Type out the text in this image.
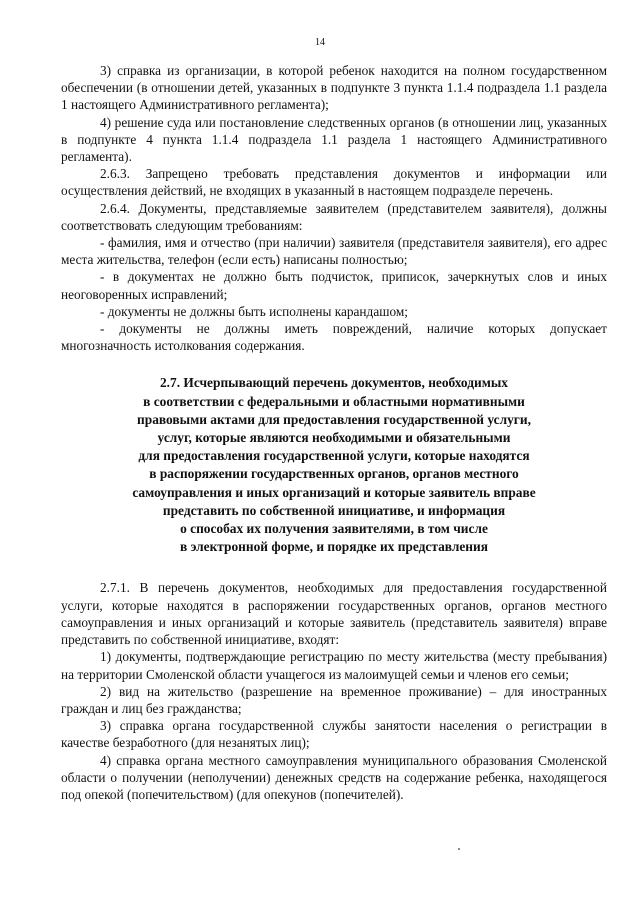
14

3) справка из организации, в которой ребенок находится на полном государственном обеспечении (в отношении детей, указанных в подпункте 3 пункта 1.1.4 подраздела 1.1 раздела 1 настоящего Административного регламента);

4) решение суда или постановление следственных органов (в отношении лиц, указанных в подпункте 4 пункта 1.1.4 подраздела 1.1 раздела 1 настоящего Административного регламента).

2.6.3. Запрещено требовать представления документов и информации или осуществления действий, не входящих в указанный в настоящем подразделе перечень.

2.6.4. Документы, представляемые заявителем (представителем заявителя), должны соответствовать следующим требованиям:

- фамилия, имя и отчество (при наличии) заявителя (представителя заявителя), его адрес места жительства, телефон (если есть) написаны полностью;

- в документах не должно быть подчисток, приписок, зачеркнутых слов и иных неоговоренных исправлений;

- документы не должны быть исполнены карандашом;

- документы не должны иметь повреждений, наличие которых допускает многозначность истолкования содержания.

2.7. Исчерпывающий перечень документов, необходимых
в соответствии с федеральными и областными нормативными
правовыми актами для предоставления государственной услуги,
услуг, которые являются необходимыми и обязательными
для предоставления государственной услуги, которые находятся
в распоряжении государственных органов, органов местного
самоуправления и иных организаций и которые заявитель вправе
представить по собственной инициативе, и информация
о способах их получения заявителями, в том числе
в электронной форме, и порядке их представления

2.7.1. В перечень документов, необходимых для предоставления государственной услуги, которые находятся в распоряжении государственных органов, органов местного самоуправления и иных организаций и которые заявитель (представитель заявителя) вправе представить по собственной инициативе, входят:

1) документы, подтверждающие регистрацию по месту жительства (месту пребывания) на территории Смоленской области учащегося из малоимущей семьи и членов его семьи;

2) вид на жительство (разрешение на временное проживание) – для иностранных граждан и лиц без гражданства;

3) справка органа государственной службы занятости населения о регистрации в качестве безработного (для незанятых лиц);

4) справка органа местного самоуправления муниципального образования Смоленской области о получении (неполучении) денежных средств на содержание ребенка, находящегося под опекой (попечительством) (для опекунов (попечителей).
